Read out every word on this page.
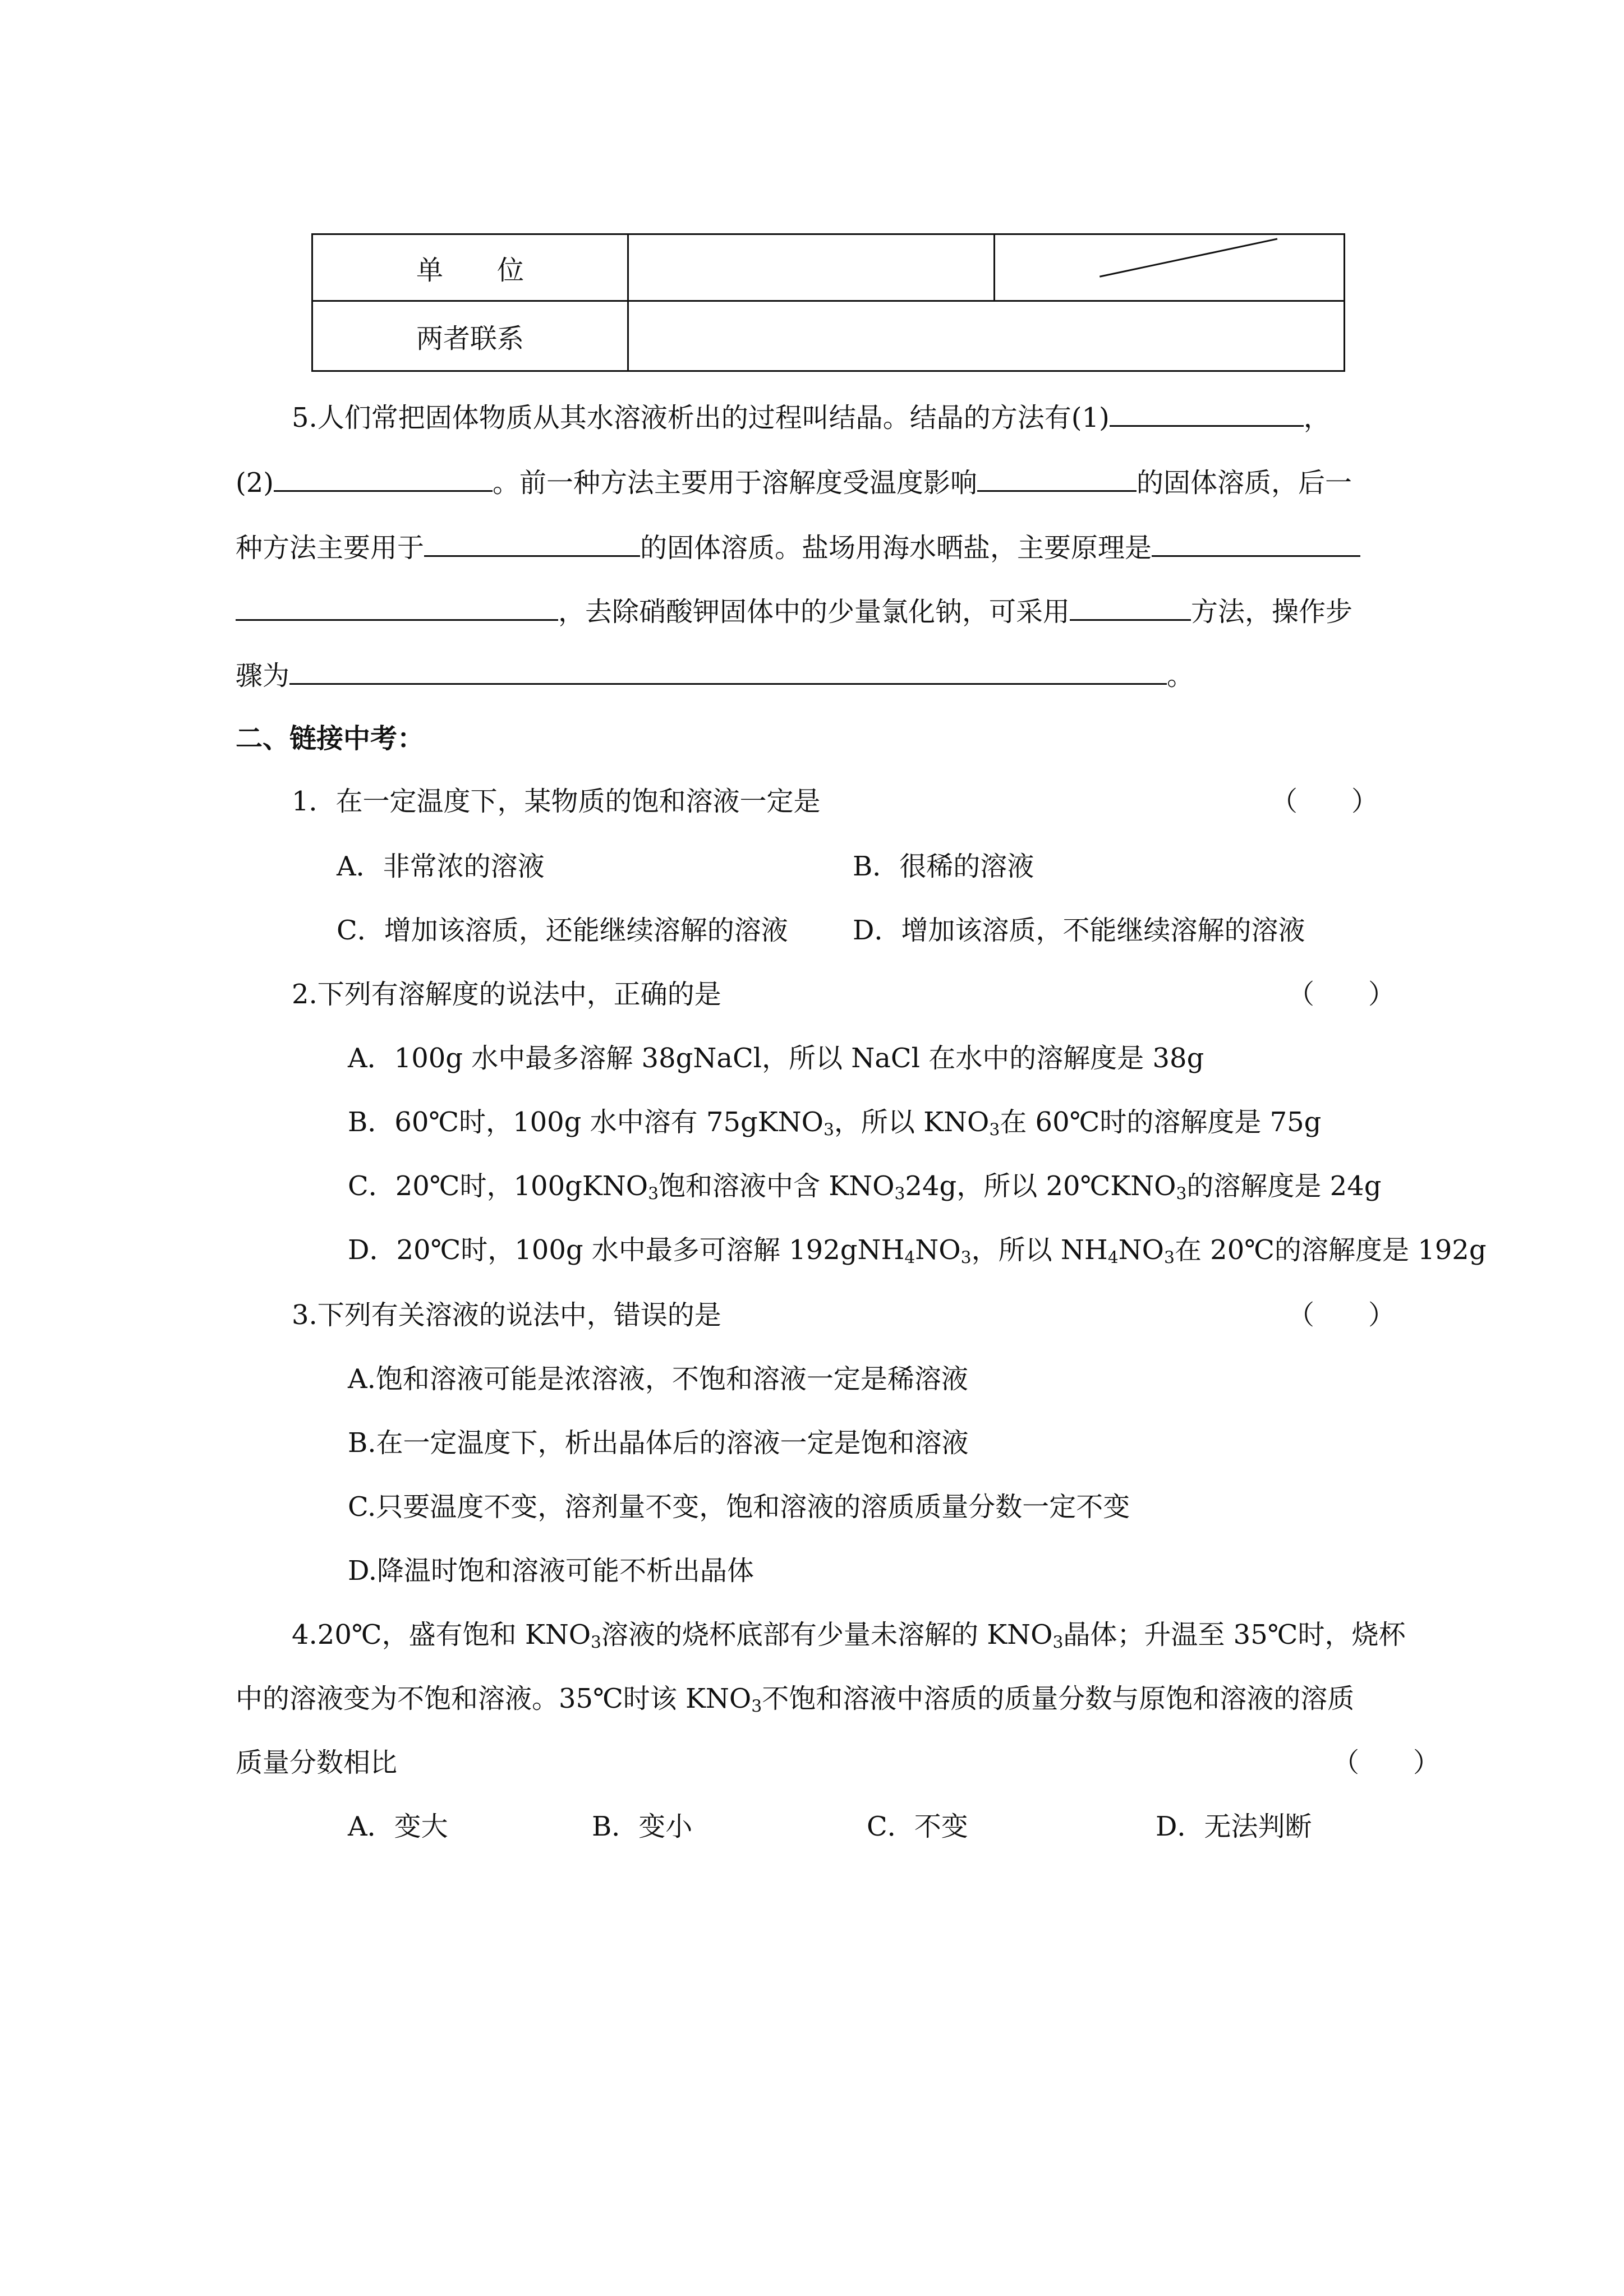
单　　位		

两者联系		
5.人们常把固体物质从其水溶液析出的过程叫结晶。结晶的方法有(1)	，
(2)	。前一种方法主要用于溶解度受温度影响	的固体溶质，后一
种方法主要用于	的固体溶质。盐场用海水晒盐，主要原理是
，去除硝酸钾固体中的少量氯化钠，可采用	方法，操作步
骤为	。
二、链接中考：
1．在一定温度下，某物质的饱和溶液一定是	（　　）
A．非常浓的溶液	B．很稀的溶液
C．增加该溶质，还能继续溶解的溶液 D．增加该溶质，不能继续溶解的溶液
2.下列有溶解度的说法中，正确的是	（　　）
A．100g 水中最多溶解 38gNaCl，所以 NaCl 在水中的溶解度是 38g
B．60℃时，100g 水中溶有 75gKNO$_3$，所以 $KNO_3$在 60℃时的溶解度是 75g
C．20℃时，100gKNO$_3$饱和溶液中含 $KNO_324g$，所以 $20℃KNO_3$的溶解度是 24g
D．20℃时，100g 水中最多可溶解 $192gNH_4NO_3$，所以 $NH_4NO_3$在 20℃的溶解度是 192g
3.下列有关溶液的说法中，错误的是	（　　）
A.饱和溶液可能是浓溶液，不饱和溶液一定是稀溶液
B.在一定温度下，析出晶体后的溶液一定是饱和溶液
C.只要温度不变，溶剂量不变，饱和溶液的溶质质量分数一定不变
D.降温时饱和溶液可能不析出晶体
4.20℃，盛有饱和 $KNO_3$溶液的烧杯底部有少量未溶解的 $KNO_3$晶体；升温至 35℃时，烧杯
中的溶液变为不饱和溶液。35℃时该 $KNO_3$不饱和溶液中溶质的质量分数与原饱和溶液的溶质
质量分数相比	（　　）
A．变大	B．变小	C．不变	D．无法判断
